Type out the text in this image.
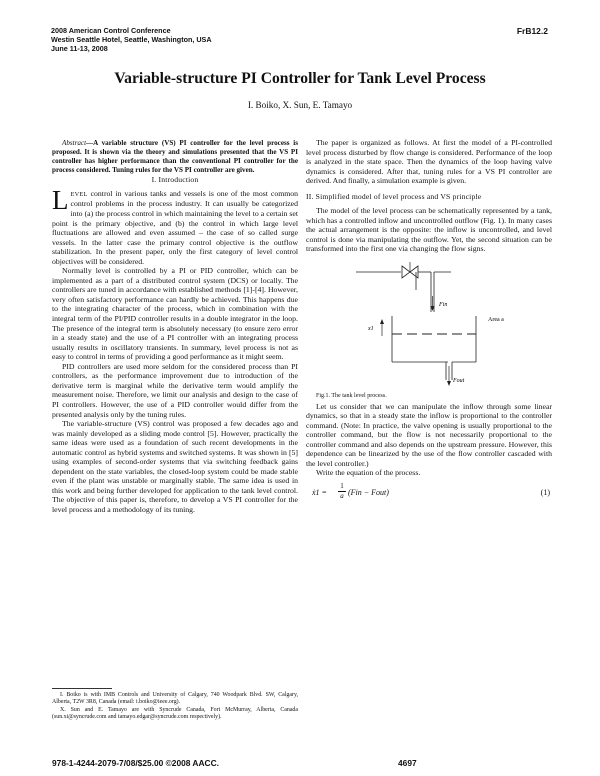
2008 American Control Conference
Westin Seattle Hotel, Seattle, Washington, USA
June 11-13, 2008
FrB12.2
Variable-structure PI Controller for Tank Level Process
I. Boiko, X. Sun, E. Tamayo

Abstract—A variable structure (VS) PI controller for the level process is proposed. It is shown via the theory and simulations presented that the VS PI controller has higher performance than the conventional PI controller for the process considered. Tuning rules for the VS PI controller are given.

I. Introduction

LEVEL control in various tanks and vessels is one of the most common control problems in the process industry. It can usually be categorized into (a) the process control in which maintaining the level to a certain set point is the primary objective, and (b) the control in which large level fluctuations are allowed and even assumed – the case of so called surge vessels. In the latter case the primary control objective is the outflow stabilization. In the present paper, only the first category of level control objectives will be considered.

Normally level is controlled by a PI or PID controller, which can be implemented as a part of a distributed control system (DCS) or locally. The controllers are tuned in accordance with established methods [1]-[4]. However, very often satisfactory performance can hardly be achieved. This happens due to the integrating character of the process, which in combination with the integral term of the PI/PID controller results in a double integrator in the loop. The presence of the integral term is absolutely necessary (to ensure zero error in a steady state) and the use of a PI controller with an integrating process usually results in oscillatory transients. In summary, level process is not as easy to control in terms of providing a good performance as it might seem.

PID controllers are used more seldom for the considered process than PI controllers, as the performance improvement due to introduction of the derivative term is marginal while the derivative term would amplify the measurement noise. Therefore, we limit our analysis and design to the case of PI controllers. However, the use of a PID controller would differ from the presented analysis only by the tuning rules.

The variable-structure (VS) control was proposed a few decades ago and was mainly developed as a sliding mode control [5]. However, practically the same ideas were used as a foundation of such recent developments in the automatic control as hybrid systems and switched systems. It was shown in [5] using examples of second-order systems that via switching feedback gains dependent on the state variables, the closed-loop system could be made stable even if the plant was unstable or marginally stable. The same idea is used in this work and being further developed for application to the tank level control. The objective of this paper is, therefore, to develop a VS PI controller for the level process and a methodology of its tuning.

The paper is organized as follows. At first the model of a PI-controlled level process disturbed by flow change is considered. Performance of the loop is analyzed in the state space. Then the dynamics of the loop having valve dynamics is considered. After that, tuning rules for a VS PI controller are derived. And finally, a simulation example is given.

II. Simplified model of level process and VS principle

The model of the level process can be schematically represented by a tank, which has a controlled inflow and uncontrolled outflow (Fig. 1). In many cases the actual arrangement is the opposite: the inflow is uncontrolled, and level control is done via manipulating the outflow. Yet, the second situation can be transformed into the first one via changing the flow signs.

Fin
Fout
Area a
x1

Fig.1. The tank level process.

Let us consider that we can manipulate the inflow through some linear dynamics, so that in a steady state the inflow is proportional to the controller command. (Note: In practice, the valve opening is usually proportional to the controller command, but the flow is not necessarily proportional to the controller command and also depends on the upstream pressure. However, this dependence can be linearized by the use of the flow controller cascaded with the level controller.)

Write the equation of the process.

ẋ1 =
1
a (Fin − Fout)	(1)

I. Boiko is with IMB Controls and University of Calgary, 740 Woodpark Blvd. SW, Calgary, Alberta, T2W 3R8, Canada (email: i.boiko@ieee.org).

X. Sun and E. Tamayo are with Syncrude Canada, Fort McMurray, Alberta, Canada (sun.xi@syncrude.com and tamayo.edgar@syncrude.com respectively).

978-1-4244-2079-7/08/$25.00 ©2008 AACC.	4697
